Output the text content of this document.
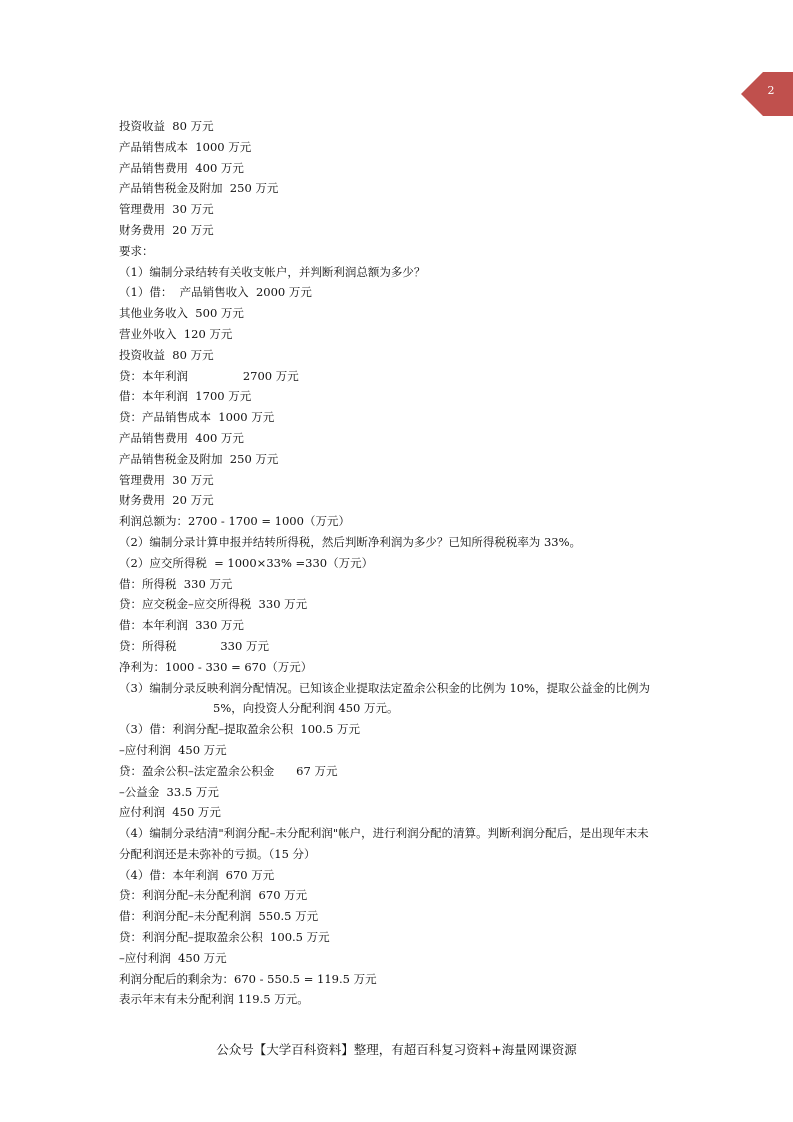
2
投资收益  80 万元
产品销售成本  1000 万元
产品销售费用  400 万元
产品销售税金及附加  250 万元
管理费用  30 万元
财务费用  20 万元
要求：
（1）编制分录结转有关收支帐户，并判断利润总额为多少？
（1）借：  产品销售收入  2000 万元
其他业务收入  500 万元
营业外收入  120 万元
投资收益  80 万元
贷：本年利润               2700 万元
借：本年利润  1700 万元
贷：产品销售成本  1000 万元
产品销售费用  400 万元
产品销售税金及附加  250 万元
管理费用  30 万元
财务费用  20 万元
利润总额为：2700 - 1700 = 1000（万元）
（2）编制分录计算申报并结转所得税，然后判断净利润为多少？已知所得税税率为 33%。
（2）应交所得税  = 1000×33% =330（万元）
借：所得税  330 万元
贷：应交税金–应交所得税  330 万元
借：本年利润  330 万元
贷：所得税            330 万元
净利为：1000 - 330 = 670（万元）
（3）编制分录反映利润分配情况。已知该企业提取法定盈余公积金的比例为 10%，提取公益金的比例为
5%，向投资人分配利润 450 万元。
（3）借：利润分配–提取盈余公积  100.5 万元
–应付利润  450 万元
贷：盈余公积–法定盈余公积金      67 万元
–公益金  33.5 万元
应付利润  450 万元
（4）编制分录结清"利润分配–未分配利润"帐户，进行利润分配的清算。判断利润分配后，是出现年末未
分配利润还是未弥补的亏损。（15 分）
（4）借：本年利润  670 万元
贷：利润分配–未分配利润  670 万元
借：利润分配–未分配利润  550.5 万元
贷：利润分配–提取盈余公积  100.5 万元
–应付利润  450 万元
利润分配后的剩余为：670 - 550.5 = 119.5 万元
表示年末有未分配利润 119.5 万元。
公众号【大学百科资料】整理，有超百科复习资料+海量网课资源
